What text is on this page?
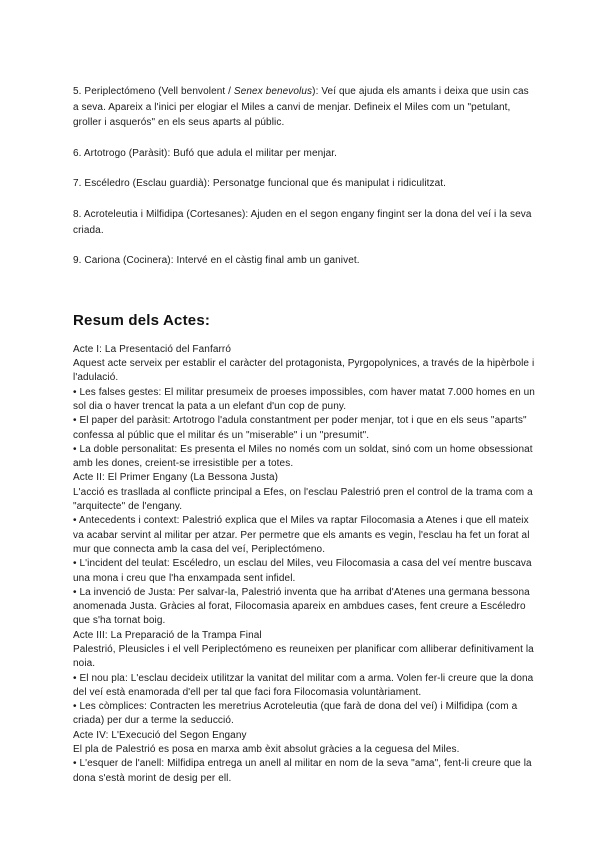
5. Periplectómeno (Vell benvolent / Senex benevolus): Veí que ajuda els amants i deixa que usin cas a seva. Apareix a l'inici per elogiar el Miles a canvi de menjar. Defineix el Miles com un "petulant, groller i asquerós" en els seus aparts al públic.

6. Artotrogo (Paràsit): Bufó que adula el militar per menjar.

7. Escéledro (Esclau guardià): Personatge funcional que és manipulat i ridiculitzat.

8. Acroteleutia i Milfidipa (Cortesanes): Ajuden en el segon engany fingint ser la dona del veí i la seva criada.

9. Cariona (Cocinera): Intervé en el càstig final amb un ganivet.

Resum dels Actes:

Acte I: La Presentació del Fanfarró

Aquest acte serveix per establir el caràcter del protagonista, Pyrgopolynices, a través de la hipèrbole i l'adulació.

• Les falses gestes: El militar presumeix de proeses impossibles, com haver matat 7.000 homes en un sol dia o haver trencat la pata a un elefant d'un cop de puny.

• El paper del paràsit: Artotrogo l'adula constantment per poder menjar, tot i que en els seus "aparts" confessa al públic que el militar és un "miserable" i un "presumit".

• La doble personalitat: Es presenta el Miles no només com un soldat, sinó com un home obsessionat amb les dones, creient-se irresistible per a totes.

Acte II: El Primer Engany (La Bessona Justa)

L'acció es trasllada al conflicte principal a Efes, on l'esclau Palestrió pren el control de la trama com a "arquitecte" de l'engany.

• Antecedents i context: Palestrió explica que el Miles va raptar Filocomasia a Atenes i que ell mateix va acabar servint al militar per atzar. Per permetre que els amants es vegin, l'esclau ha fet un forat al mur que connecta amb la casa del veí, Periplectómeno.

• L'incident del teulat: Escéledro, un esclau del Miles, veu Filocomasia a casa del veí mentre buscava una mona i creu que l'ha enxampada sent infidel.

• La invenció de Justa: Per salvar-la, Palestrió inventa que ha arribat d'Atenes una germana bessona anomenada Justa. Gràcies al forat, Filocomasia apareix en ambdues cases, fent creure a Escéledro que s'ha tornat boig.

Acte III: La Preparació de la Trampa Final

Palestrió, Pleusicles i el vell Periplectómeno es reuneixen per planificar com alliberar definitivament la noia.

• El nou pla: L'esclau decideix utilitzar la vanitat del militar com a arma. Volen fer-li creure que la dona del veí està enamorada d'ell per tal que faci fora Filocomasia voluntàriament.

• Les còmplices: Contracten les meretrius Acroteleutia (que farà de dona del veí) i Milfidipa (com a criada) per dur a terme la seducció.

Acte IV: L'Execució del Segon Engany

El pla de Palestrió es posa en marxa amb èxit absolut gràcies a la ceguesa del Miles.

• L'esquer de l'anell: Milfidipa entrega un anell al militar en nom de la seva "ama", fent-li creure que la dona s'està morint de desig per ell.
